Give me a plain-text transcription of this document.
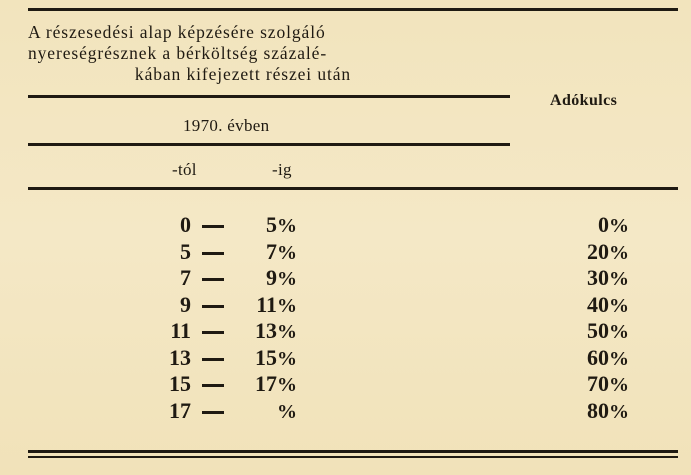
A részesedési alap képzésére szolgáló
nyereségrésznek a bérköltség százalé-
kában kifejezett részei után
Adókulcs
1970. évben
-tól	-ig
0	5%	0%
5	7%	20%
7	9%	30%
9	11%	40%
11	13%	50%
13	15%	60%
15	17%	70%
17	%	80%
